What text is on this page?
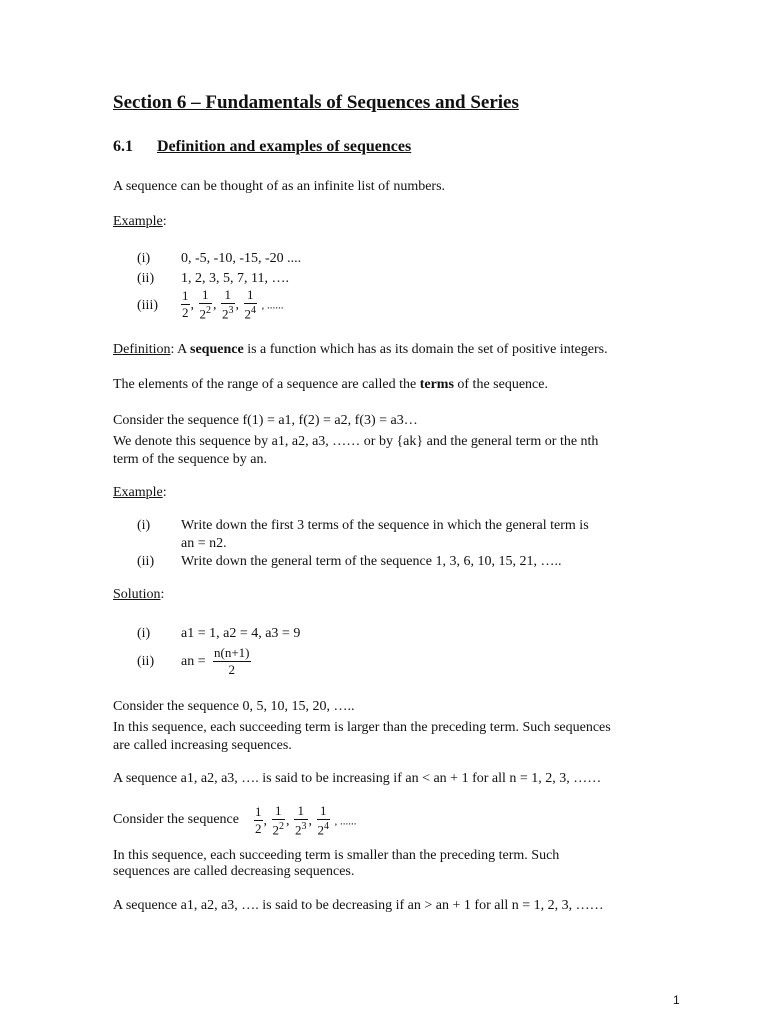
Section 6 – Fundamentals of Sequences and Series
6.1 Definition and examples of sequences
A sequence can be thought of as an infinite list of numbers.
Example:
(i) 0, -5, -10, -15, -20 ....
(ii) 1, 2, 3, 5, 7, 11, ….
$(iii) \frac{1}{2}$ , $\frac{1}{2^2}$ , $\frac{1}{2^3}$ , $\frac{1}{2^4}$ , ......
Definition: A sequence is a function which has as its domain the set of positive integers.
The elements of the range of a sequence are called the terms of the sequence.
Consider the sequence f(1) = a1, f(2) = a2, f(3) = a3…
We denote this sequence by a1, a2, a3, …… or by {ak} and the general term or the nth
term of the sequence by an.
Example:
(i) Write down the first 3 terms of the sequence in which the general term is
an = n2.
(ii) Write down the general term of the sequence 1, 3, 6, 10, 15, 21, …..
Solution:
(i) a1 = 1, a2 = 4, a3 = 9
(ii) an = $\frac{n(n+1)}{2}$
Consider the sequence 0, 5, 10, 15, 20, …..
In this sequence, each succeeding term is larger than the preceding term. Such sequences
are called increasing sequences.
A sequence a1, a2, a3, …. is said to be increasing if an < an + 1 for all n = 1, 2, 3, ……
Consider the sequence $\frac{1}{2}$ , $\frac{1}{2^2}$ , $\frac{1}{2^3}$ , $\frac{1}{2^4}$ , ......
In this sequence, each succeeding term is smaller than the preceding term. Such
sequences are called decreasing sequences.
A sequence a1, a2, a3, …. is said to be decreasing if an > an + 1 for all n = 1, 2, 3, ……
1
